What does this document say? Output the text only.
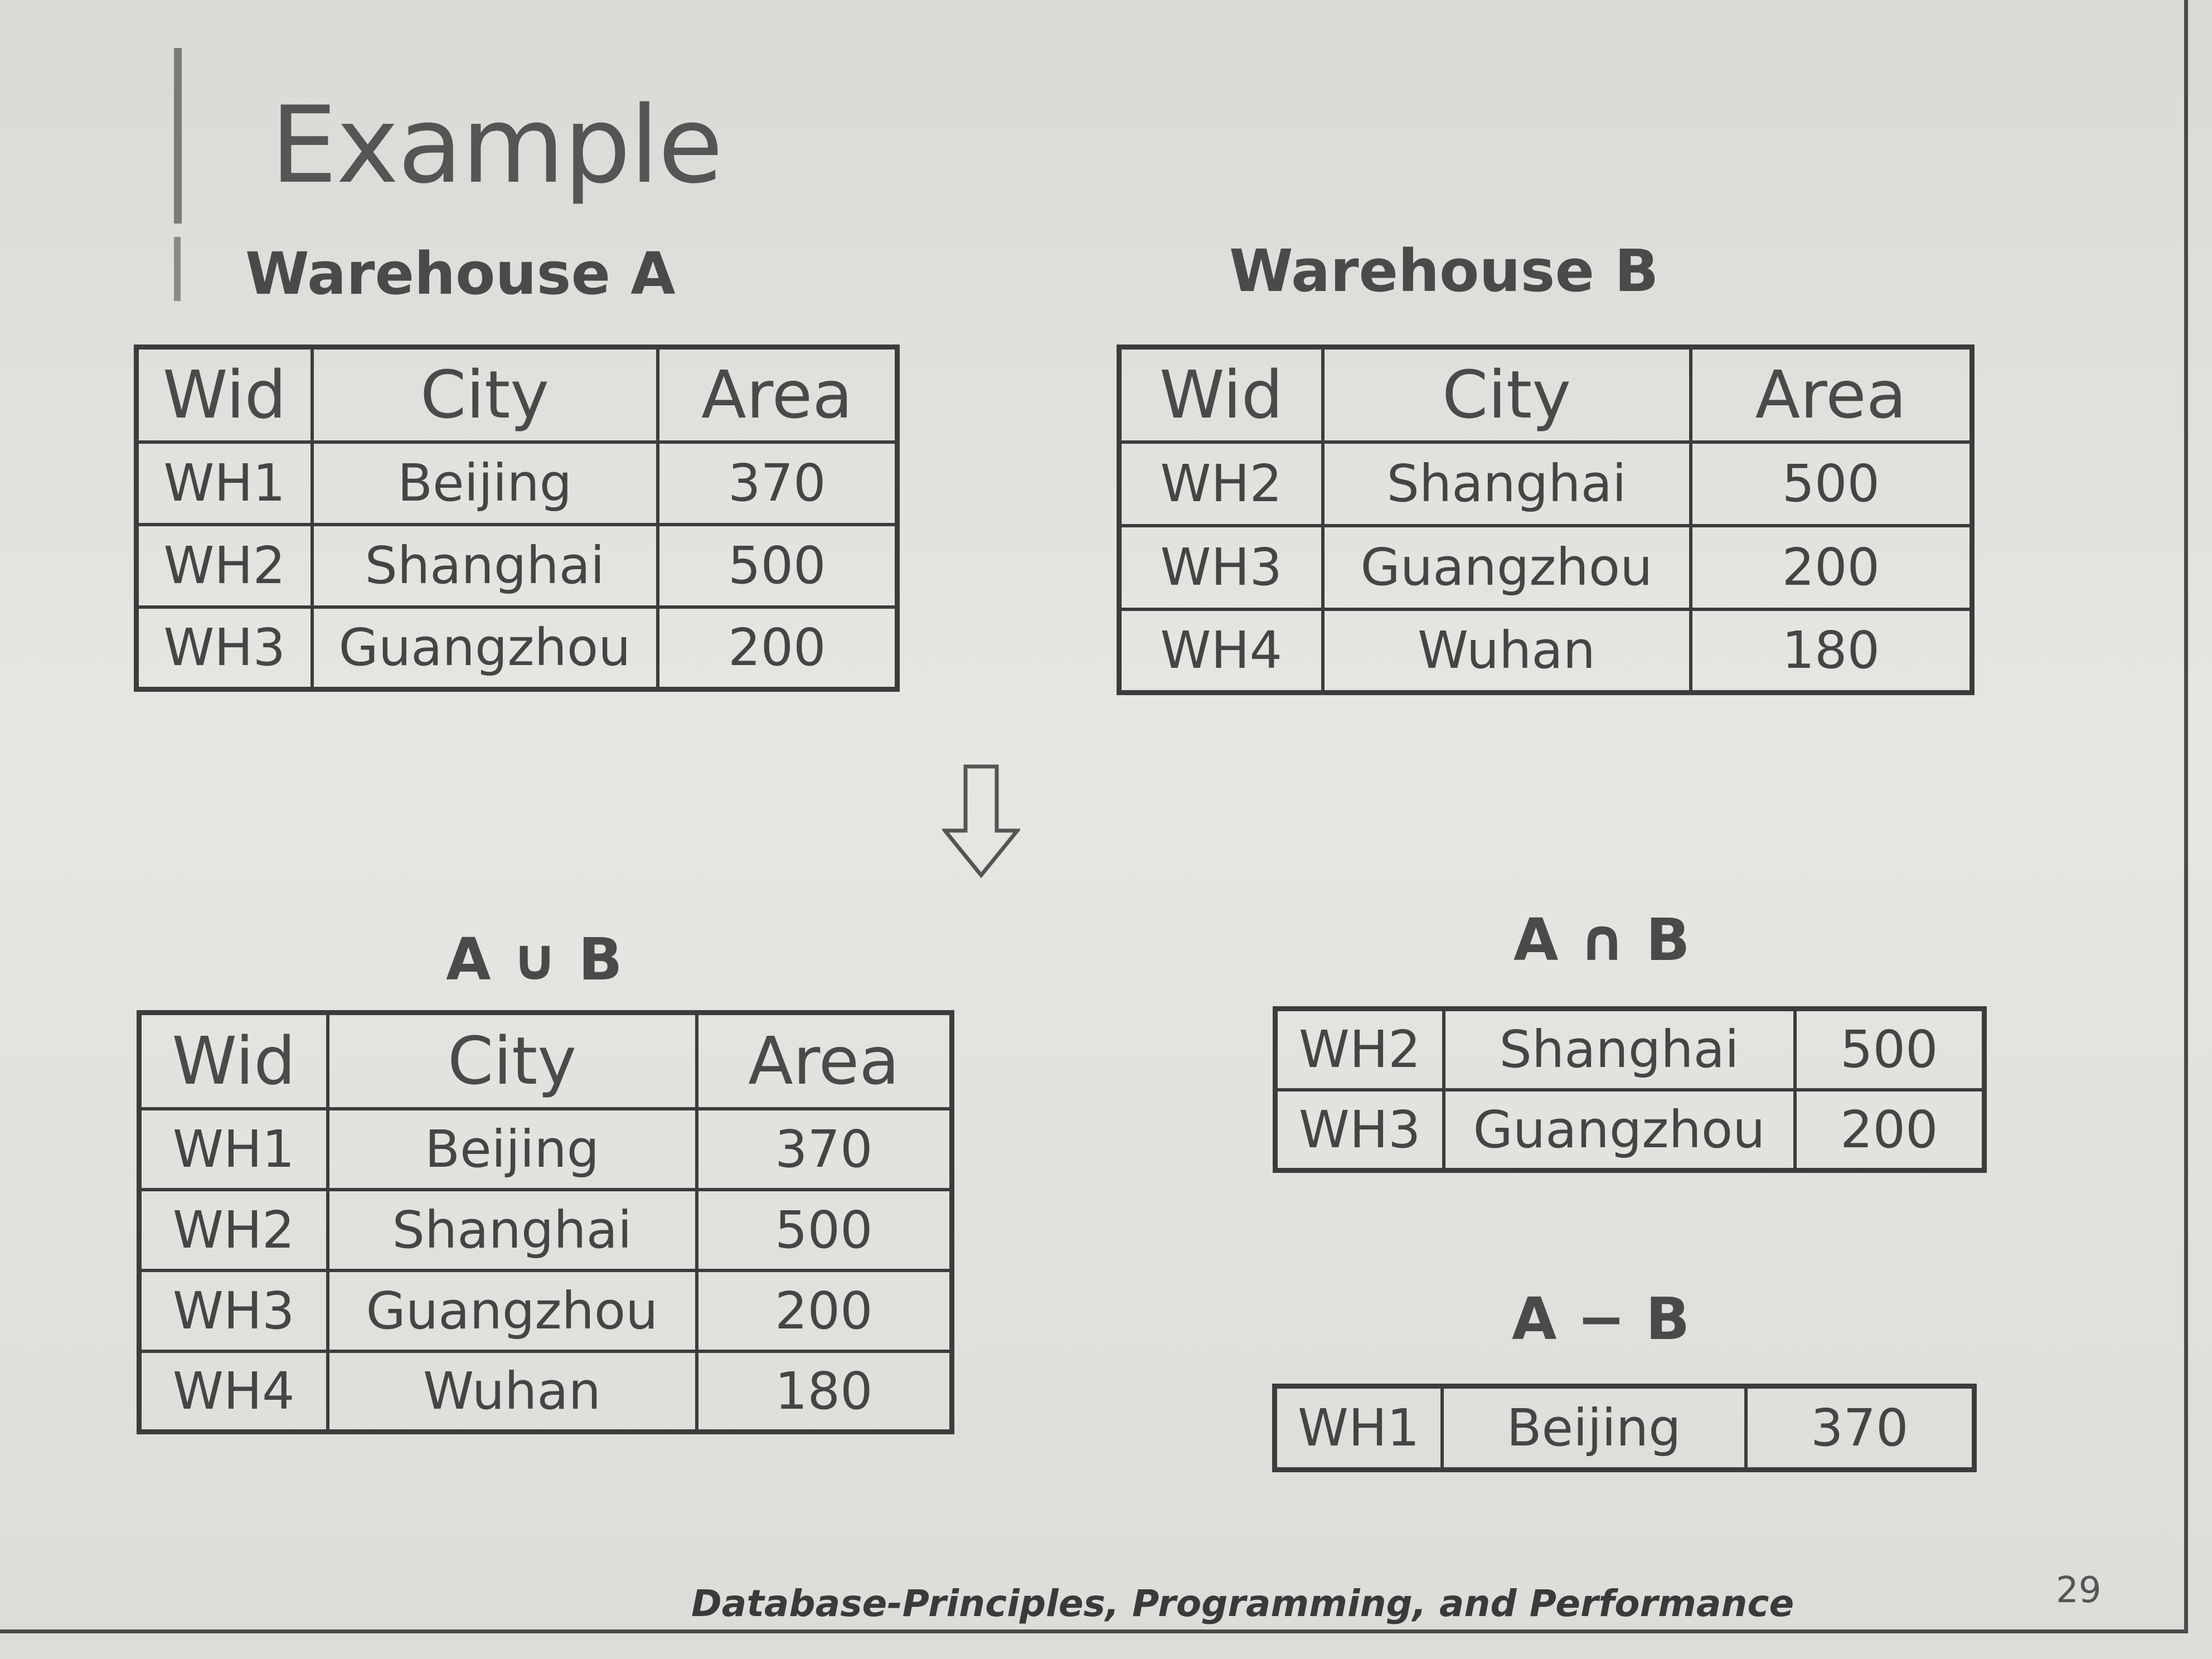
Example
Warehouse A
Wid	City	Area
WH1	Beijing	370
WH2	Shanghai	500
WH3	Guangzhou	200
Warehouse B
Wid	City	Area
WH2	Shanghai	500
WH3	Guangzhou	200
WH4	Wuhan	180
A ∪ B
Wid	City	Area
WH1	Beijing	370
WH2	Shanghai	500
WH3	Guangzhou	200
WH4	Wuhan	180
A ∩ B
WH2	Shanghai	500
WH3	Guangzhou	200
A − B
WH1	Beijing	370
Database-Principles, Programming, and Performance	29
